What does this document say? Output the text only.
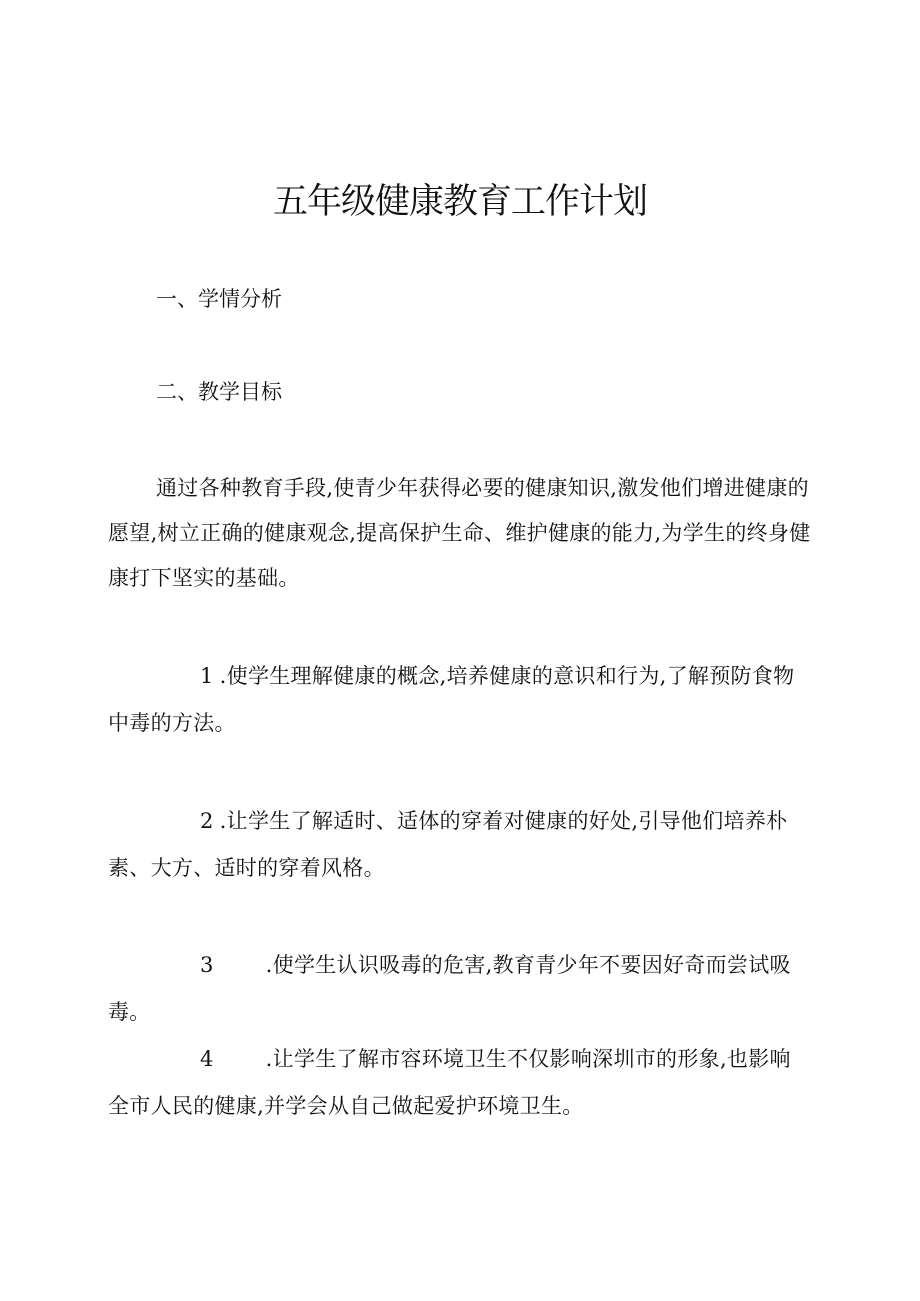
五年级健康教育工作计划

一、学情分析

二、教学目标

通过各种教育手段,使青少年获得必要的健康知识,激发他们增进健康的愿望,树立正确的健康观念,提高保护生命、维护健康的能力,为学生的终身健康打下坚实的基础。

1 .使学生理解健康的概念,培养健康的意识和行为,了解预防食物中毒的方法。

2 .让学生了解适时、适体的穿着对健康的好处,引导他们培养朴素、大方、适时的穿着风格。

3 .使学生认识吸毒的危害,教育青少年不要因好奇而尝试吸毒。

4 .让学生了解市容环境卫生不仅影响深圳市的形象,也影响全市人民的健康,并学会从自己做起爱护环境卫生。
